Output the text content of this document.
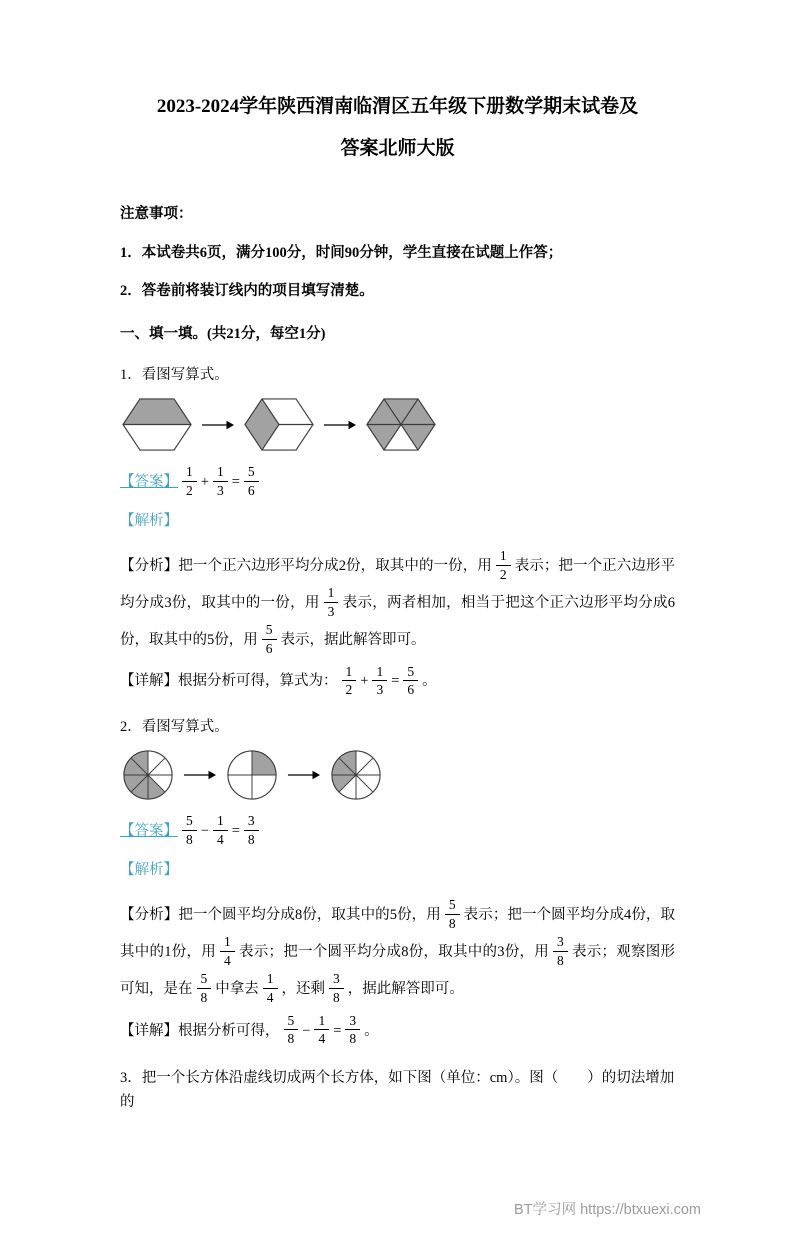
2023-2024学年陕西渭南临渭区五年级下册数学期末试卷及
答案北师大版

注意事项：

1．本试卷共6页，满分100分，时间90分钟，学生直接在试题上作答；

2．答卷前将装订线内的项目填写清楚。

一、填一填。(共21分，每空1分)

1．看图写算式。

【答案】 $\frac{1}{2} + \frac{1}{3} = \frac{5}{6}$

【解析】

【分析】把一个正六边形平均分成2份，取其中的一份，用 $\frac{1}{2}$ 表示；把一个正六边形平均分成3份，取其中的一份，用 $\frac{1}{3}$ 表示，两者相加，相当于把这个正六边形平均分成6份，取其中的5份，用 $\frac{5}{6}$ 表示，据此解答即可。

【详解】根据分析可得，算式为： $\frac{1}{2} + \frac{1}{3} = \frac{5}{6}$ 。

2．看图写算式。

【答案】 $\frac{5}{8} - \frac{1}{4} = \frac{3}{8}$

【解析】

【分析】把一个圆平均分成8份，取其中的5份，用 $\frac{5}{8}$ 表示；把一个圆平均分成4份，取其中的1份，用 $\frac{1}{4}$ 表示；把一个圆平均分成8份，取其中的3份，用 $\frac{3}{8}$ 表示；观察图形可知，是在 $\frac{5}{8}$ 中拿去 $\frac{1}{4}$ ，还剩 $\frac{3}{8}$ ，据此解答即可。

【详解】根据分析可得， $\frac{5}{8} - \frac{1}{4} = \frac{3}{8}$ 。

3．把一个长方体沿虚线切成两个长方体，如下图（单位：cm）。图（　　）的切法增加的

BT学习网 https://btxuexi.com
